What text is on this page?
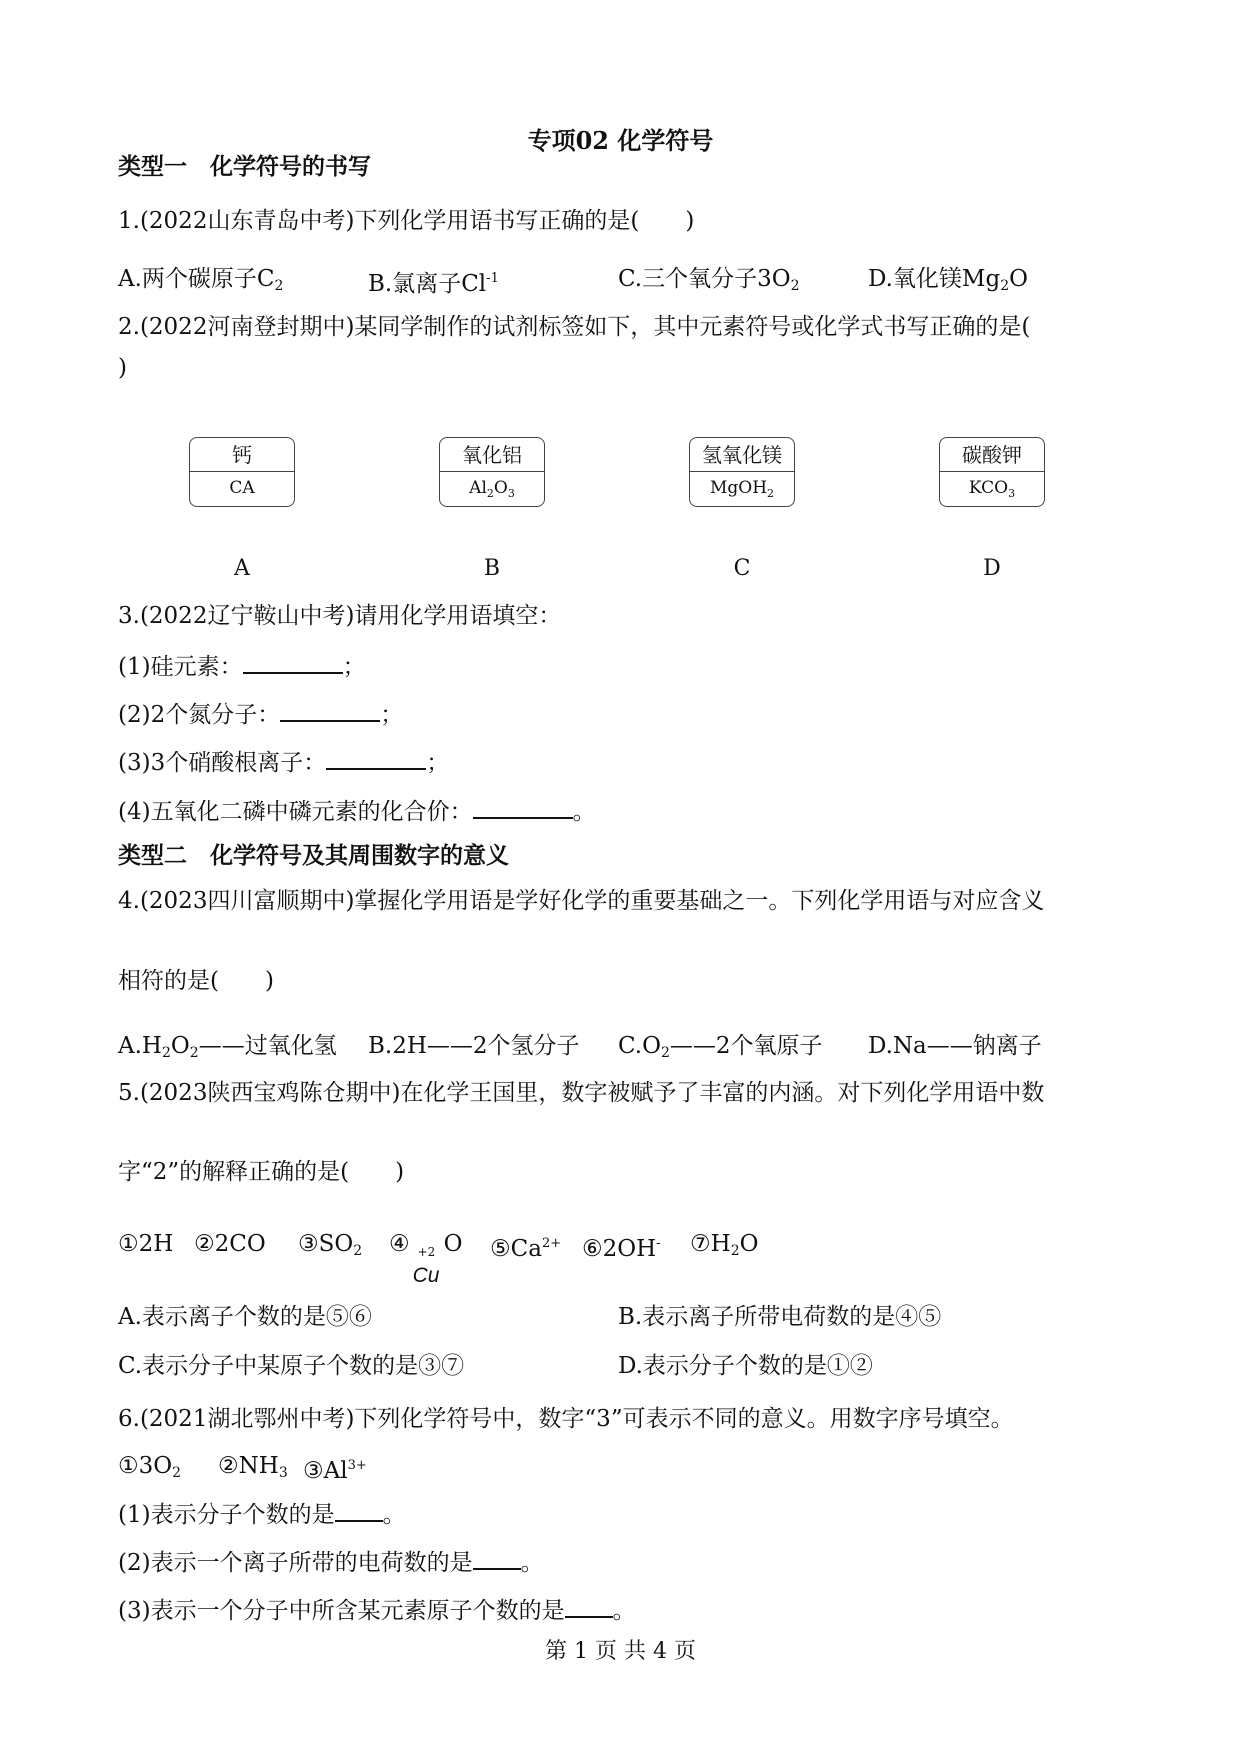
专项02 化学符号
类型一　化学符号的书写
1.(2022山东青岛中考)下列化学用语书写正确的是(　　)
A.两个碳原子$C_2$	B.氯离子$Cl^{-1}$	C.三个氧分子$3O_2$	D.氧化镁$Mg_2O$
2.(2022河南登封期中)某同学制作的试剂标签如下，其中元素符号或化学式书写正确的是(
)
钙
CA
氧化铝
$Al_2O_3$
氢氧化镁
MgOH$_2$
碳酸钾
$KCO_3$
A	B	C	D
3.(2022辽宁鞍山中考)请用化学用语填空：
(1)硅元素：	；
(2)2个氮分子：	；
(3)3个硝酸根离子：	；
(4)五氧化二磷中磷元素的化合价：	。
类型二　化学符号及其周围数字的意义
4.(2023四川富顺期中)掌握化学用语是学好化学的重要基础之一。下列化学用语与对应含义
相符的是(　　)
$A.H_2O_2——$过氧化氢 B.2H——2个氢分子 $C.O_2——2$个氧原子 D.Na——钠离子
5.(2023陕西宝鸡陈仓期中)在化学王国里，数字被赋予了丰富的内涵。对下列化学用语中数
字“2”的解释正确的是(　　)
①2H ②2CO $③SO_2$ ④ +2
Cu
O $⑤Ca^{2+}$ ⑥2OH- $⑦H_2O$
A.表示离子个数的是⑤⑥	B.表示离子所带电荷数的是④⑤
C.表示分子中某原子个数的是③⑦	D.表示分子个数的是①②
6.(2021湖北鄂州中考)下列化学符号中，数字“3”可表示不同的意义。用数字序号填空。
$①3O_2$ $②NH_3$ $③Al^{3+}$
(1)表示分子个数的是 。
(2)表示一个离子所带的电荷数的是 。
(3)表示一个分子中所含某元素原子个数的是 。
第 1 页 共 4 页
